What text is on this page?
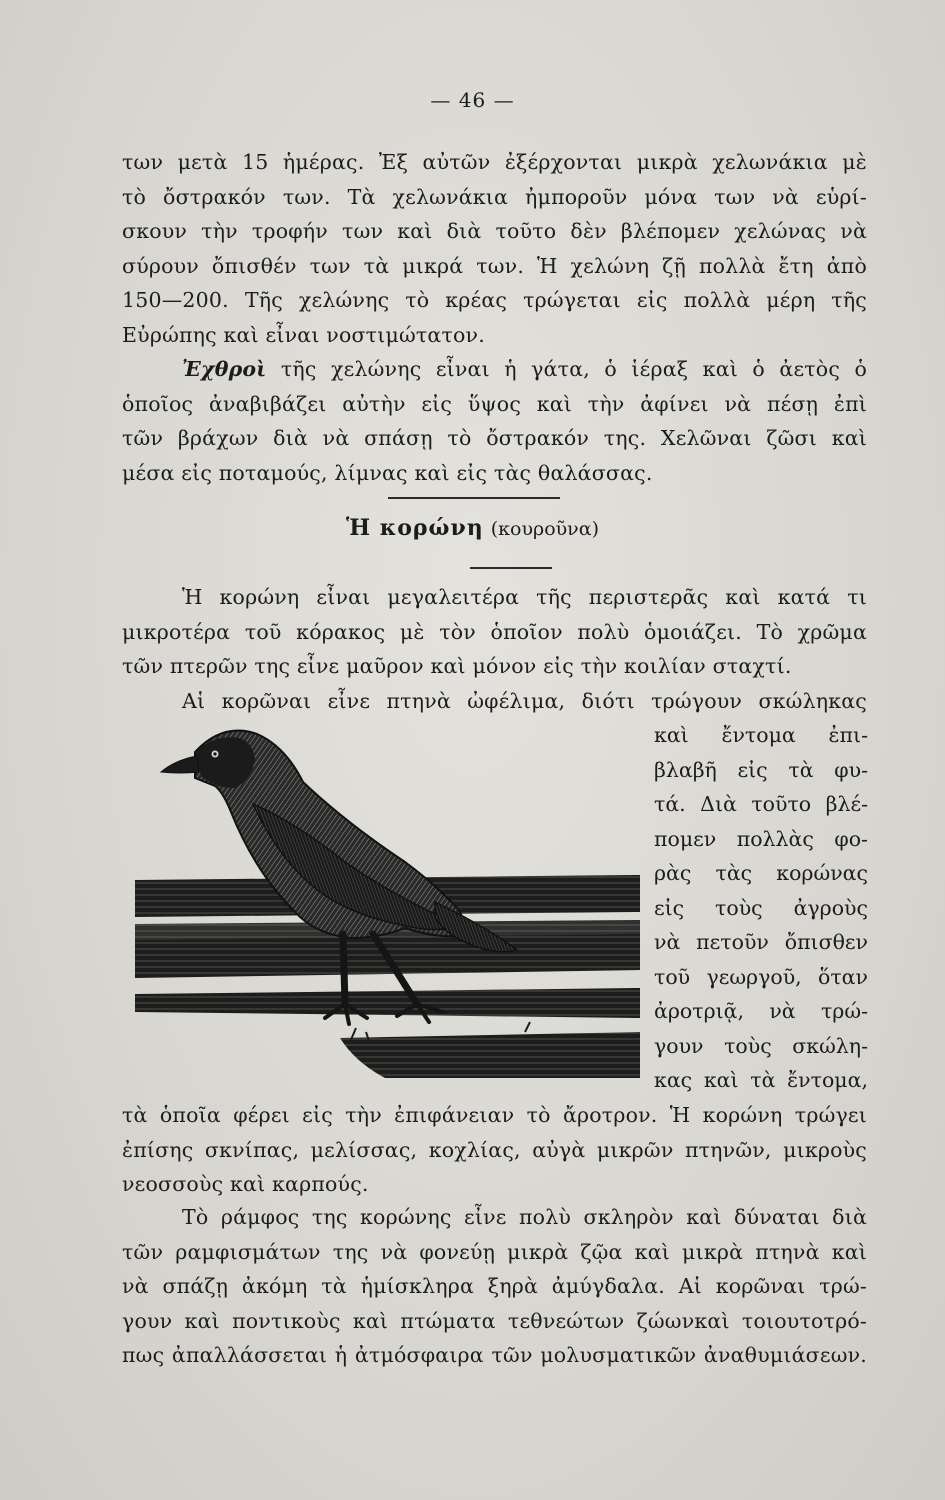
— 46 —
των μετὰ 15 ἡμέρας. Ἐξ αὐτῶν ἐξέρχονται μικρὰ χελωνάκια μὲ
τὸ ὄστρακόν των. Τὰ χελωνάκια ἠμποροῦν μόνα των νὰ εὑρί-
σκουν τὴν τροφήν των καὶ διὰ τοῦτο δὲν βλέπομεν χελώνας νὰ
σύρουν ὄπισθέν των τὰ μικρά των. Ἡ χελώνη ζῇ πολλὰ ἔτη ἀπὸ
150—200. Τῆς χελώνης τὸ κρέας τρώγεται εἰς πολλὰ μέρη τῆς
Εὐρώπης καὶ εἶναι νοστιμώτατον.
Ἐχθροὶ τῆς χελώνης εἶναι ἡ γάτα, ὁ ἱέραξ καὶ ὁ ἀετὸς ὁ
ὁποῖος ἀναβιβάζει αὐτὴν εἰς ὕψος καὶ τὴν ἀφίνει νὰ πέσῃ ἐπὶ
τῶν βράχων διὰ νὰ σπάσῃ τὸ ὄστρακόν της. Χελῶναι ζῶσι καὶ
μέσα εἰς ποταμούς, λίμνας καὶ εἰς τὰς θαλάσσας.
Ἡ κορώνη (κουροῦνα)
Ἡ κορώνη εἶναι μεγαλειτέρα τῆς περιστερᾶς καὶ κατά τι
μικροτέρα τοῦ κόρακος μὲ τὸν ὁποῖον πολὺ ὁμοιάζει. Τὸ χρῶμα
τῶν πτερῶν της εἶνε μαῦρον καὶ μόνον εἰς τὴν κοιλίαν σταχτί.
Αἱ κορῶναι εἶνε πτηνὰ ὠφέλιμα, διότι τρώγουν σκώληκας
καὶ ἔντομα ἐπι-
βλαβῆ εἰς τὰ φυ-
τά. Διὰ τοῦτο βλέ-
πομεν πολλὰς φο-
ρὰς τὰς κορώνας
εἰς τοὺς ἀγροὺς
νὰ πετοῦν ὄπισθεν
τοῦ γεωργοῦ, ὅταν
ἀροτριᾷ, νὰ τρώ-
γουν τοὺς σκώλη-
κας καὶ τὰ ἔντομα,
τὰ ὁποῖα φέρει εἰς τὴν ἐπιφάνειαν τὸ ἄροτρον. Ἡ κορώνη τρώγει
ἐπίσης σκνίπας, μελίσσας, κοχλίας, αὐγὰ μικρῶν πτηνῶν, μικροὺς
νεοσσοὺς καὶ καρπούς.
Τὸ ράμφος της κορώνης εἶνε πολὺ σκληρὸν καὶ δύναται διὰ
τῶν ραμφισμάτων της νὰ φονεύῃ μικρὰ ζῷα καὶ μικρὰ πτηνὰ καὶ
νὰ σπάζῃ ἀκόμη τὰ ἡμίσκληρα ξηρὰ ἀμύγδαλα. Αἱ κορῶναι τρώ-
γουν καὶ ποντικοὺς καὶ πτώματα τεθνεώτων ζώωνκαὶ τοιουτοτρό-
πως ἀπαλλάσσεται ἡ ἀτμόσφαιρα τῶν μολυσματικῶν ἀναθυμιάσεων.
